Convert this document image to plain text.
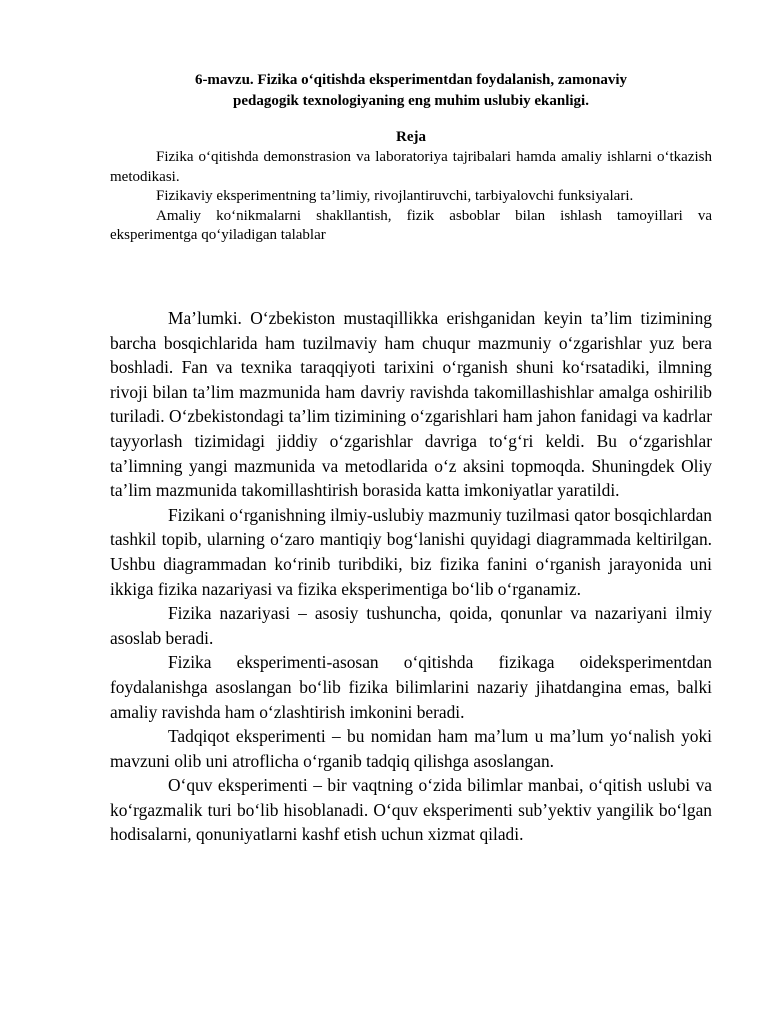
6-mavzu. Fizika o‘qitishda eksperimentdan foydalanish, zamonaviy
pedagogik texnologiyaning eng muhim uslubiy ekanligi.
Reja

Fizika o‘qitishda demonstrasion va laboratoriya tajribalari hamda amaliy ishlarni o‘tkazish metodikasi.

Fizikaviy eksperimentning ta’limiy, rivojlantiruvchi, tarbiyalovchi funksiyalari.

Amaliy ko‘nikmalarni shakllantish, fizik asboblar bilan ishlash tamoyillari va eksperimentga qo‘yiladigan talablar

Ma’lumki. O‘zbekiston mustaqillikka erishganidan keyin ta’lim tizimining barcha bosqichlarida ham tuzilmaviy ham chuqur mazmuniy o‘zgarishlar yuz bera boshladi. Fan va texnika taraqqiyoti tarixini o‘rganish shuni ko‘rsatadiki, ilmning rivoji bilan ta’lim mazmunida ham davriy ravishda takomillashishlar amalga oshirilib turiladi. O‘zbekistondagi ta’lim tizimining o‘zgarishlari ham jahon fanidagi va kadrlar tayyorlash tizimidagi jiddiy o‘zgarishlar davriga to‘g‘ri keldi. Bu o‘zgarishlar ta’limning yangi mazmunida va metodlarida o‘z aksini topmoqda. Shuningdek Oliy ta’lim mazmunida takomillashtirish borasida katta imkoniyatlar yaratildi.

Fizikani o‘rganishning ilmiy-uslubiy mazmuniy tuzilmasi qator bosqichlardan tashkil topib, ularning o‘zaro mantiqiy bog‘lanishi quyidagi diagrammada keltirilgan. Ushbu diagrammadan ko‘rinib turibdiki, biz fizika fanini o‘rganish jarayonida uni ikkiga fizika nazariyasi va fizika eksperimentiga bo‘lib o‘rganamiz.

Fizika nazariyasi – asosiy tushuncha, qoida, qonunlar va nazariyani ilmiy asoslab beradi.

Fizika eksperimenti-asosan o‘qitishda fizikaga oideksperimentdan foydalanishga asoslangan bo‘lib fizika bilimlarini nazariy jihatdangina emas, balki amaliy ravishda ham o‘zlashtirish imkonini beradi.

Tadqiqot eksperimenti – bu nomidan ham ma’lum u ma’lum yo‘nalish yoki mavzuni olib uni atroflicha o‘rganib tadqiq qilishga asoslangan.

O‘quv eksperimenti – bir vaqtning o‘zida bilimlar manbai, o‘qitish uslubi va ko‘rgazmalik turi bo‘lib hisoblanadi. O‘quv eksperimenti sub’yektiv yangilik bo‘lgan hodisalarni, qonuniyatlarni kashf etish uchun xizmat qiladi.
